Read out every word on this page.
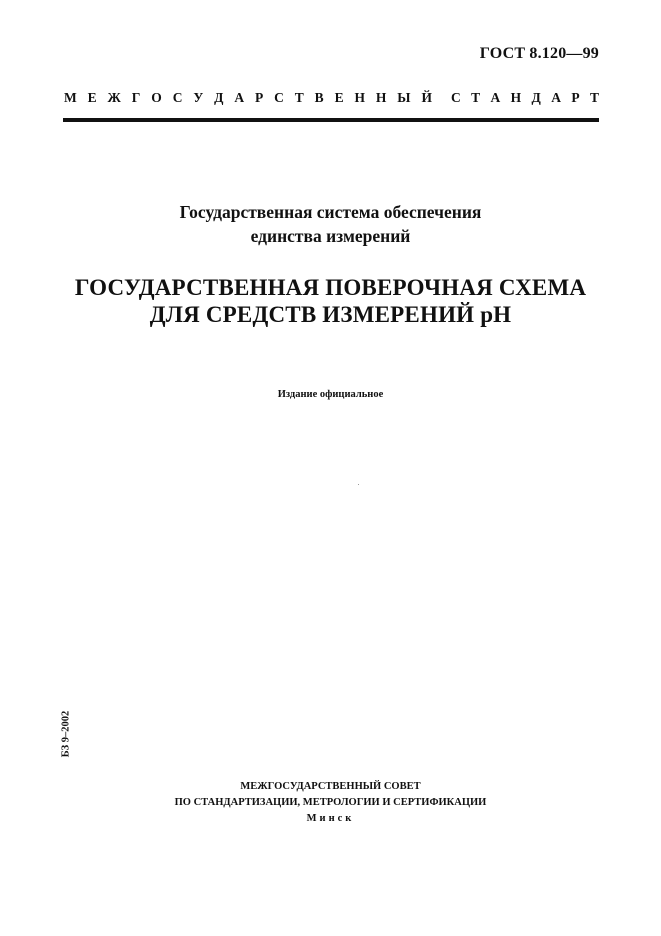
ГОСТ 8.120—99
М Е Ж Г О С У Д А Р С Т В Е Н Н Ы Й С Т А Н Д А Р Т
Государственная система обеспечения
единства измерений
ГОСУДАРСТВЕННАЯ ПОВЕРОЧНАЯ СХЕМА
ДЛЯ СРЕДСТВ ИЗМЕРЕНИЙ рН
Издание официальное
БЗ 9–2002
МЕЖГОСУДАРСТВЕННЫЙ СОВЕТ
ПО СТАНДАРТИЗАЦИИ, МЕТРОЛОГИИ И СЕРТИФИКАЦИИ
Минск
